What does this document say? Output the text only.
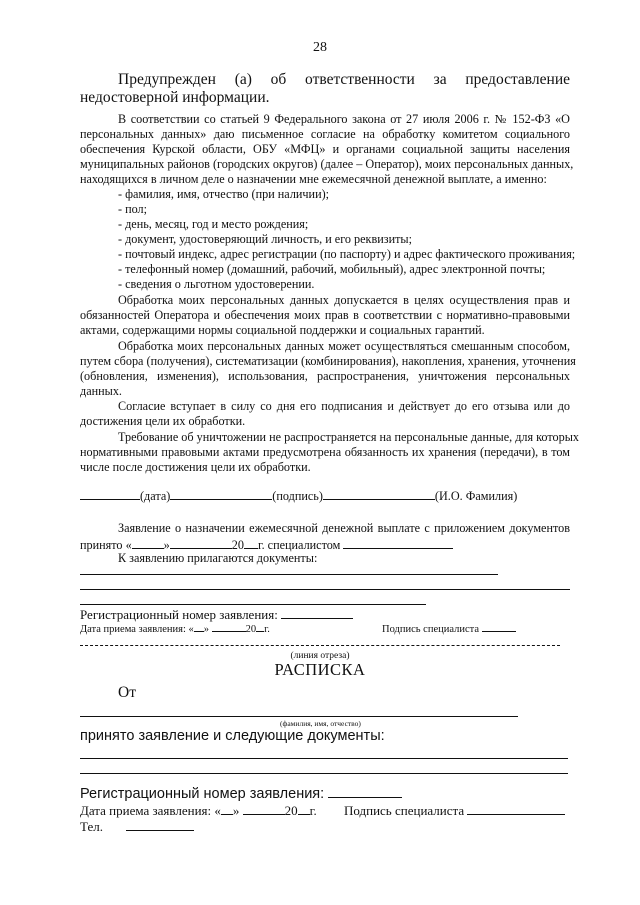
28
Предупрежден (а) об ответственности за предоставление
недостоверной информации.
В соответствии со статьей 9 Федерального закона от 27 июля 2006 г. № 152-ФЗ «О
персональных данных» даю письменное согласие на обработку комитетом социального
обеспечения Курской области, ОБУ «МФЦ» и органами социальной защиты населения
муниципальных районов (городских округов) (далее – Оператор), моих персональных данных,
находящихся в личном деле о назначении мне ежемесячной денежной выплате, а именно:
- фамилия, имя, отчество (при наличии);
- пол;
- день, месяц, год и место рождения;
- документ, удостоверяющий личность, и его реквизиты;
- почтовый индекс, адрес регистрации (по паспорту) и адрес фактического проживания;
- телефонный номер (домашний, рабочий, мобильный), адрес электронной почты;
- сведения о льготном удостоверении.
Обработка моих персональных данных допускается в целях осуществления прав и
обязанностей Оператора и обеспечения моих прав в соответствии с нормативно-правовыми
актами, содержащими нормы социальной поддержки и социальных гарантий.
Обработка моих персональных данных может осуществляться смешанным способом,
путем сбора (получения), систематизации (комбинирования), накопления, хранения, уточнения
(обновления, изменения), использования, распространения, уничтожения персональных
данных.
Согласие вступает в силу со дня его подписания и действует до его отзыва или до
достижения цели их обработки.
Требование об уничтожении не распространяется на персональные данные, для которых
нормативными правовыми актами предусмотрена обязанность их хранения (передачи), в том
числе после достижения цели их обработки.
(дата)	(подпись)	(И.О. Фамилия)
Заявление о назначении ежемесячной денежной выплате с приложением документов
принято «	»	20 г. специалистом
К заявлению прилагаются документы:
Регистрационный номер заявления:
Дата приема заявления: « »	20 г.	Подпись специалиста
(линия отреза)
РАСПИСКА
От
(фамилия, имя, отчество)
принято заявление и следующие документы:
Регистрационный номер заявления:
Дата приема заявления: « »	20 г. Подпись специалиста
Тел.
